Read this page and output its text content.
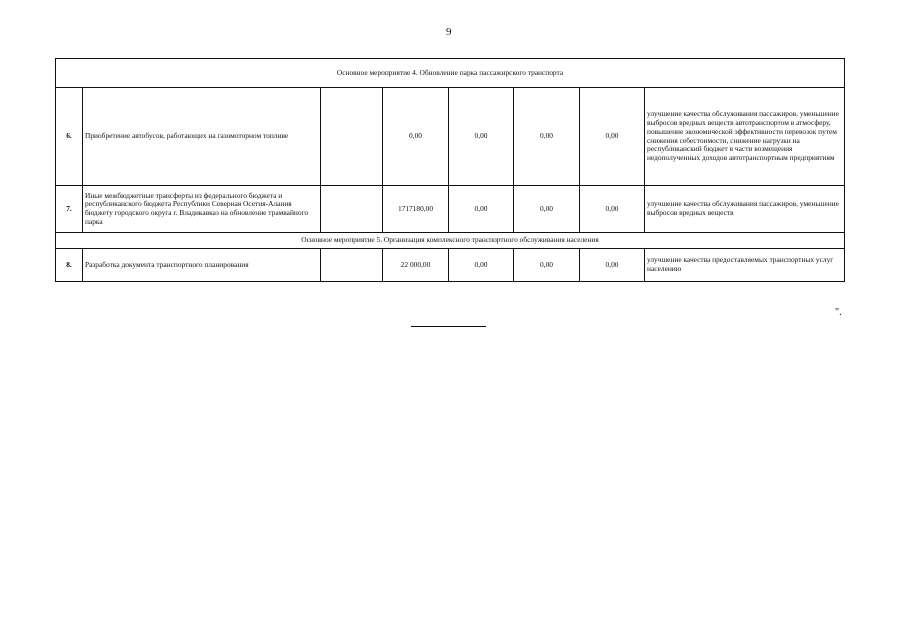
9
Основное мероприятие 4. Обновление парка пассажирского транспорта							
6.	Приобретение автобусов, работающих на газомоторном топливе		0,00	0,00	0,00	0,00	улучшение качества обслуживания пассажиров, уменьшение выбросов вредных веществ автотранспортом в атмосферу, повышение экономической эффективности перевозок путем снижения себестоимости, снижение нагрузки на республиканский бюджет в части возмещения недополученных доходов автотранспортным предприятиям
7.	Иные межбюджетные трансферты из федерального бюджета и республиканского бюджета Республики Северная Осетия-Алания бюджету городского округа г. Владикавказ на обновление трамвайного парка		1717180,00	0,00	0,00	0,00	улучшение качества обслуживания пассажиров, уменьшение выбросов вредных веществ
Основное мероприятие 5. Организация комплексного транспортного обслуживания населения							
8.	Разработка документа транспортного планирования		22 000,00	0,00	0,00	0,00	улучшение качества предоставляемых транспортных услуг населению
".
